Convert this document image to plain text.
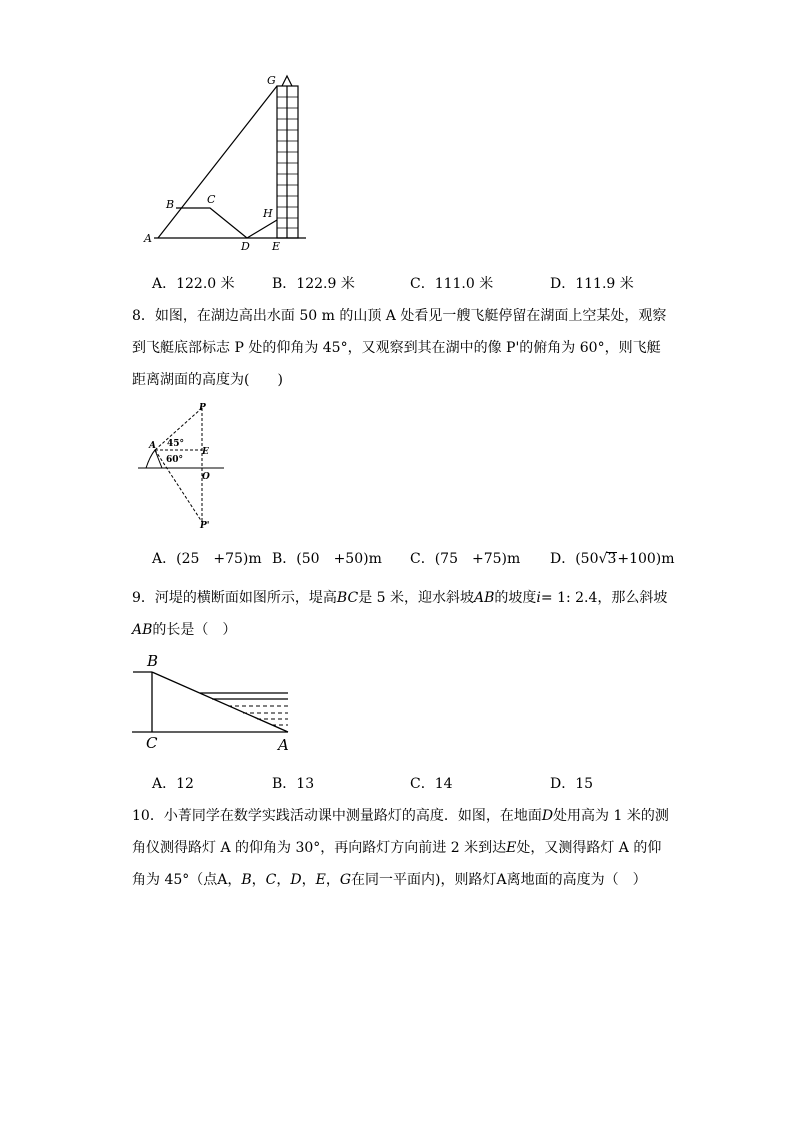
A
B	C
D E
G
H
A．122.0 米	B．122.9 米	C．111.0 米	D．111.9 米
8．如图，在湖边高出水面 50 m 的山顶 A 处看见一艘飞艇停留在湖面上空某处，观察到飞艇底部标志 P 处的仰角为 45°，又观察到其在湖中的像 P'的俯角为 60°，则飞艇距离湖面的高度为(　　)
P
A
E
O
P'
45°
60°
A．(25　+75)m B．(50　+50)m C．(75　+75)m D．(50√3+100)m
9．河堤的横断面如图所示，堤高BC是 5 米，迎水斜坡AB的坡度i= 1: 2.4，那么斜坡AB的长是（　）
B
C	A
A．12	B．13	C．14	D．15
10．小菁同学在数学实践活动课中测量路灯的高度．如图，在地面D处用高为 1 米的测角仪测得路灯 A 的仰角为 30°，再向路灯方向前进 2 米到达E处，又测得路灯 A 的仰角为 45°（点A，B，C，D，E，G在同一平面内)，则路灯A离地面的高度为（　）
